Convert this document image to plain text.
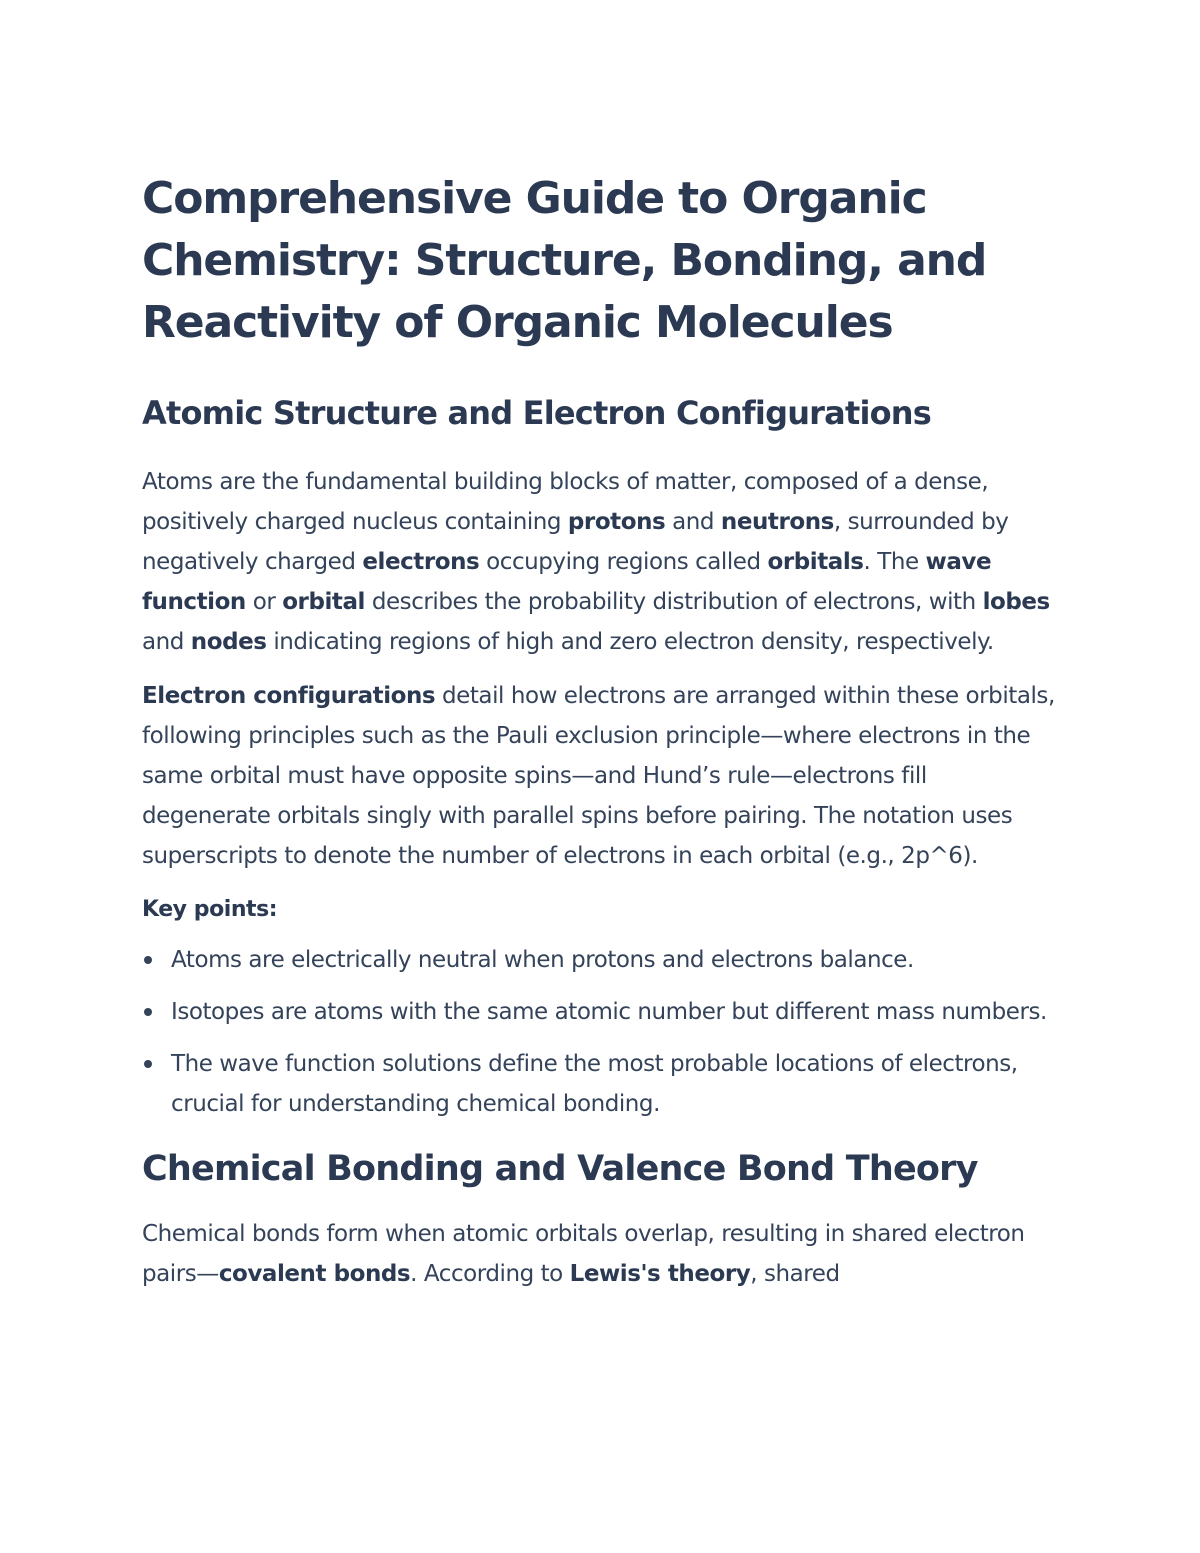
Comprehensive Guide to Organic Chemistry: Structure, Bonding, and Reactivity of Organic Molecules
Atomic Structure and Electron Configurations

Atoms are the fundamental building blocks of matter, composed of a dense, positively charged nucleus containing protons and neutrons, surrounded by negatively charged electrons occupying regions called orbitals. The wave function or orbital describes the probability distribution of electrons, with lobes and nodes indicating regions of high and zero electron density, respectively.

Electron configurations detail how electrons are arranged within these orbitals, following principles such as the Pauli exclusion principle—where electrons in the same orbital must have opposite spins—and Hund’s rule—electrons fill degenerate orbitals singly with parallel spins before pairing. The notation uses superscripts to denote the number of electrons in each orbital (e.g., 2p^6).

Key points:

Atoms are electrically neutral when protons and electrons balance.
Isotopes are atoms with the same atomic number but different mass numbers.
The wave function solutions define the most probable locations of electrons, crucial for understanding chemical bonding.
Chemical Bonding and Valence Bond Theory

Chemical bonds form when atomic orbitals overlap, resulting in shared electron pairs—covalent bonds. According to Lewis's theory, shared
